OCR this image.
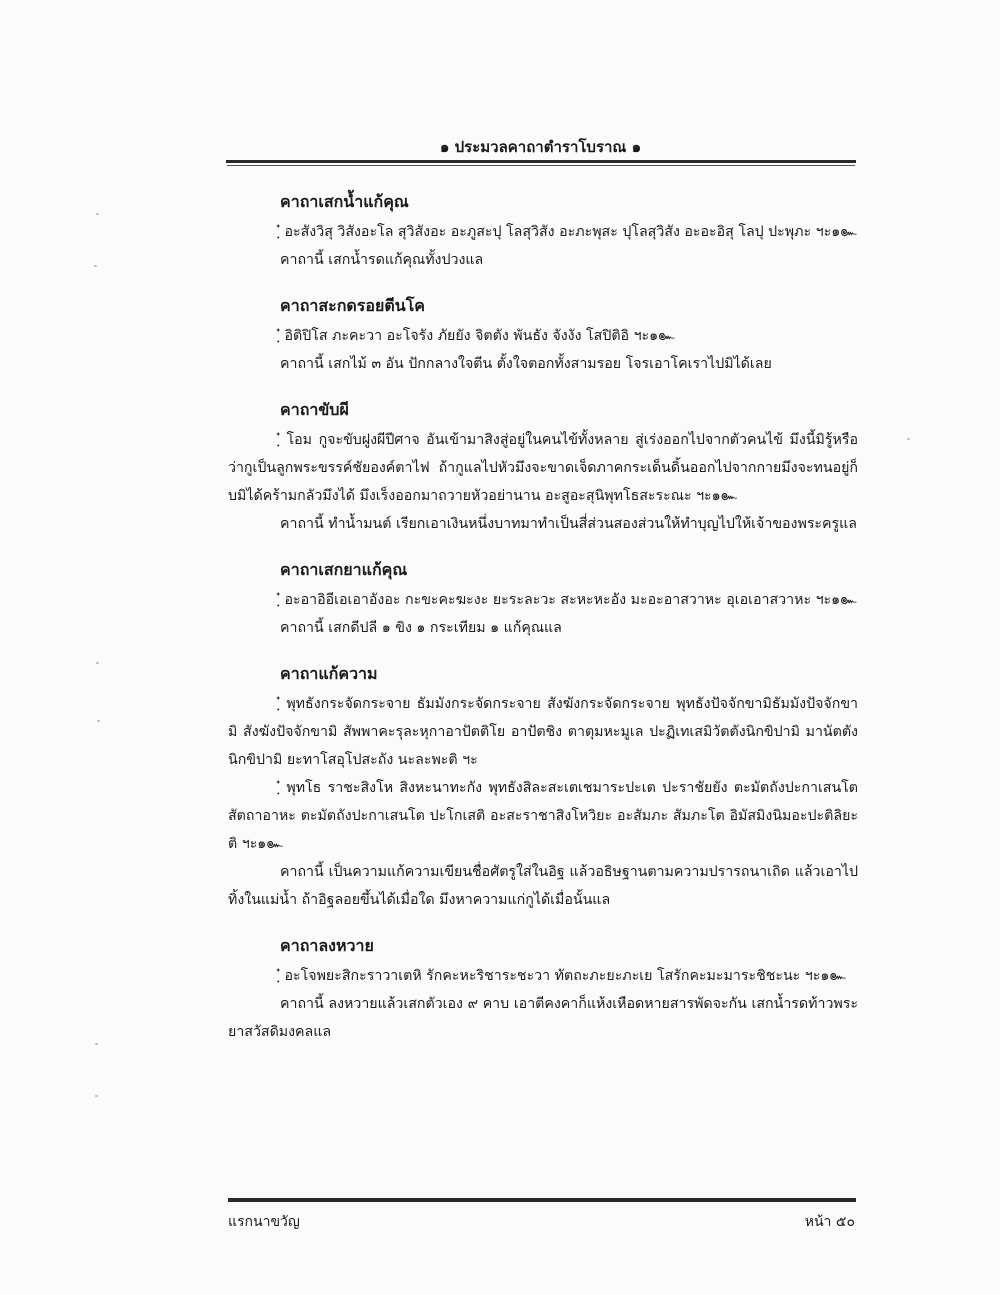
๑ ประมวลคาถาตำราโบราณ ๑
คาถาเสกน้ำแก้คุณ

ฺ๋ อะสังวิสุ วิสังอะโล สุวิสังอะ อะภูสะปุ โลสุวิสัง อะภะพุสะ ปุโลสุวิสัง อะอะอิสุ โลปุ ปะพุภะ ฯะ๑๛

คาถานี้ เสกน้ำรดแก้คุณทั้งปวงแล

คาถาสะกดรอยตีนโค

ฺ๋ อิติปิโส ภะคะวา อะโจรัง ภัยยัง จิตตัง พันธัง จังงัง โสปิติอิ ฯะ๑๛

คาถานี้ เสกไม้ ๓ อัน ปักกลางใจตีน ตั้งใจตอกทั้งสามรอย โจรเอาโคเราไปมิได้เลย

คาถาขับผี

ฺ๋ โอม กูจะขับฝูงผีปีศาจ อันเข้ามาสิงสู่อยู่ในคนไข้ทั้งหลาย สู่เร่งออกไปจากตัวคนไข้ มึงนี้มิรู้หรือว่ากูเป็นลูกพระขรรค์ชัยองค์ตาไฟ ถ้ากูแลไปหัวมึงจะขาดเจ็ดภาคกระเด็นดิ้นออกไปจากกายมึงจะทนอยู่ก็บมิได้คร้ามกลัวมึงได้ มึงเร็งออกมาถวายหัวอย่านาน อะสูอะสุนิพุทโธสะระณะ ฯะ๑๛

คาถานี้ ทำน้ำมนต์ เรียกเอาเงินหนึ่งบาทมาทำเป็นสี่ส่วนสองส่วนให้ทำบุญไปให้เจ้าของพระครูแล

คาถาเสกยาแก้คุณ

ฺ๋ อะอาอิอีเอเอาอังอะ กะขะคะฆะงะ ยะระละวะ สะหะหะอัง มะอะอาสวาหะ อุเอเอาสวาหะ ฯะ๑๛

คาถานี้ เสกดีปลี ๑ ขิง ๑ กระเทียม ๑ แก้คุณแล

คาถาแก้ความ

ฺ๋ พุทธังกระจัดกระจาย ธัมมังกระจัดกระจาย สังฆังกระจัดกระจาย พุทธังปัจจักขามิธัมมังปัจจักขามิ สังฆังปัจจักขามิ สัพพาคะรุละหุกาอาปัตติโย อาปัตชิง ตาตุมหะมูเล ปะฏิเทเสมิวัตตังนิกขิปามิ มานัตตังนิกขิปามิ ยะทาโสอุโปสะถัง นะละพะติ ฯะ

ฺ๋ พุทโธ ราชะสิงโห สิงหะนาทะกัง พุทธังสิละสะเตเชมาระปะเต ปะราชัยยัง ตะมัตถังปะกาเสนโต สัตถาอาหะ ตะมัตถังปะกาเสนโต ปะโกเสติ อะสะราชาสิงโหวิยะ อะสัมภะ สัมภะโต อิมัสมิงนิมอะปะติลิยะติ ฯะ๑๛

คาถานี้ เป็นความแก้ความเขียนชื่อศัตรูใส่ในอิฐ แล้วอธิษฐานตามความปรารถนาเถิด แล้วเอาไปทิ้งในแม่น้ำ ถ้าอิฐลอยขึ้นได้เมื่อใด มึงหาความแก่กูได้เมื่อนั้นแล

คาถาลงหวาย

ฺ๋ อะโจพยะสิกะราวาเตหิ รักคะหะริชาระชะวา ทัตถะภะยะภะเย โสรักคะมะมาระชิชะนะ ฯะ๑๛

คาถานี้ ลงหวายแล้วเสกตัวเอง ๙ คาบ เอาตีคงคาก็แห้งเหือดหายสารพัดจะกัน เสกน้ำรดท้าวพระยาสวัสดิมงคลแล

แรกนาขวัญ	หน้า ๕๐
